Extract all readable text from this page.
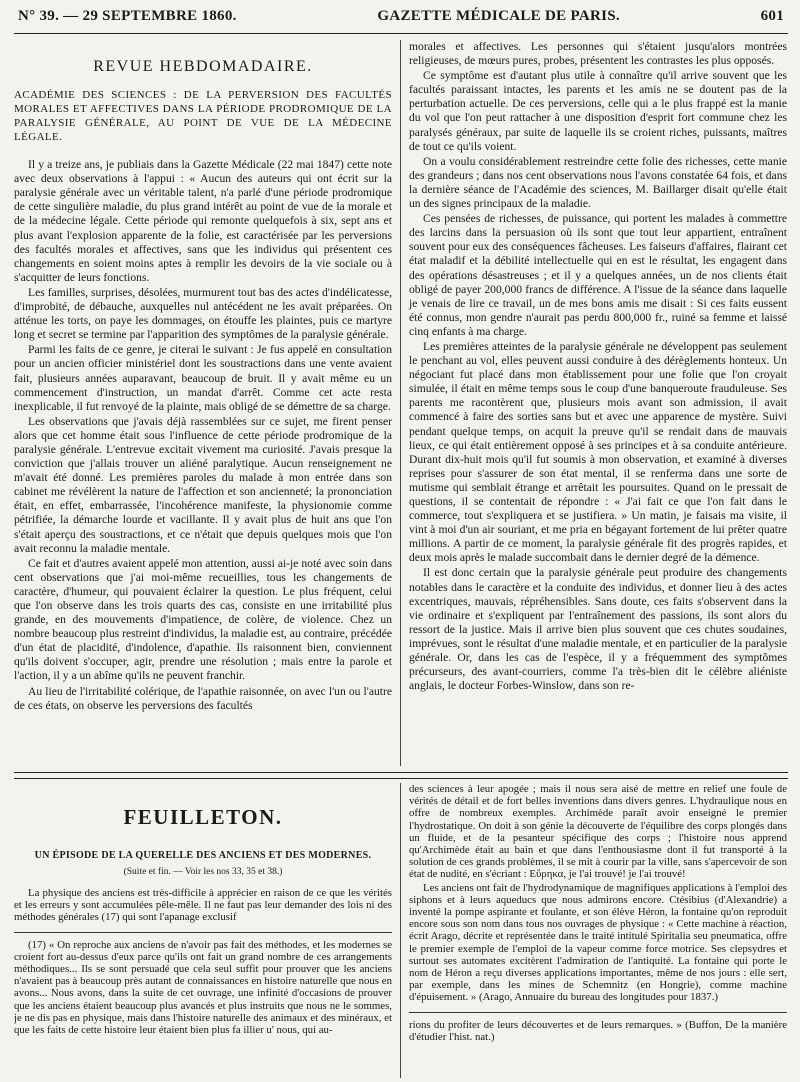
N° 39. — 29 SEPTEMBRE 1860.	GAZETTE MÉDICALE DE PARIS.	601
REVUE HEBDOMADAIRE.
ACADÉMIE DES SCIENCES : DE LA PERVERSION DES FACULTÉS MORALES ET AFFECTIVES DANS LA PÉRIODE PRODROMIQUE DE LA PARALYSIE GÉNÉRALE, AU POINT DE VUE DE LA MÉDECINE LÉGALE.

Il y a treize ans, je publiais dans la Gazette Médicale (22 mai 1847) cette note avec deux observations à l'appui : « Aucun des auteurs qui ont écrit sur la paralysie générale avec un véritable talent, n'a parlé d'une période prodromique de cette singulière maladie, du plus grand intérêt au point de vue de la morale et de la médecine légale. Cette période qui remonte quelquefois à six, sept ans et plus avant l'explosion apparente de la folie, est caractérisée par les perversions des facultés morales et affectives, sans que les individus qui présentent ces changements en soient moins aptes à remplir les devoirs de la vie sociale ou à s'acquitter de leurs fonctions.

Les familles, surprises, désolées, murmurent tout bas des actes d'indélicatesse, d'improbité, de débauche, auxquelles nul antécédent ne les avait préparées. On atténue les torts, on paye les dommages, on étouffe les plaintes, puis ce martyre long et secret se termine par l'apparition des symptômes de la paralysie générale.

Parmi les faits de ce genre, je citerai le suivant : Je fus appelé en consultation pour un ancien officier ministériel dont les soustractions dans une vente avaient fait, plusieurs années auparavant, beaucoup de bruit. Il y avait même eu un commencement d'instruction, un mandat d'arrêt. Comme cet acte resta inexplicable, il fut renvoyé de la plainte, mais obligé de se démettre de sa charge.

Les observations que j'avais déjà rassemblées sur ce sujet, me firent penser alors que cet homme était sous l'influence de cette période prodromique de la paralysie générale. L'entrevue excitait vivement ma curiosité. J'avais presque la conviction que j'allais trouver un aliéné paralytique. Aucun renseignement ne m'avait été donné. Les premières paroles du malade à mon entrée dans son cabinet me révélèrent la nature de l'affection et son ancienneté; la prononciation était, en effet, embarrassée, l'incohérence manifeste, la physionomie comme pétrifiée, la démarche lourde et vacillante. Il y avait plus de huit ans que l'on s'était aperçu des soustractions, et ce n'était que depuis quelques mois que l'on avait reconnu la maladie mentale.

Ce fait et d'autres avaient appelé mon attention, aussi ai-je noté avec soin dans cent observations que j'ai moi-même recueillies, tous les changements de caractère, d'humeur, qui pouvaient éclairer la question. Le plus fréquent, celui que l'on observe dans les trois quarts des cas, consiste en une irritabilité plus grande, en des mouvements d'impatience, de colère, de violence. Chez un nombre beaucoup plus restreint d'individus, la maladie est, au contraire, précédée d'un état de placidité, d'indolence, d'apathie. Ils raisonnent bien, conviennent qu'ils doivent s'occuper, agir, prendre une résolution ; mais entre la parole et l'action, il y a un abîme qu'ils ne peuvent franchir.

Au lieu de l'irritabilité colérique, de l'apathie raisonnée, on avec l'un ou l'autre de ces états, on observe les perversions des facultés

morales et affectives. Les personnes qui s'étaient jusqu'alors montrées religieuses, de mœurs pures, probes, présentent les contrastes les plus opposés.

Ce symptôme est d'autant plus utile à connaître qu'il arrive souvent que les facultés paraissant intactes, les parents et les amis ne se doutent pas de la perturbation actuelle. De ces perversions, celle qui a le plus frappé est la manie du vol que l'on peut rattacher à une disposition d'esprit fort commune chez les paralysés généraux, par suite de laquelle ils se croient riches, puissants, maîtres de tout ce qu'ils voient.

On a voulu considérablement restreindre cette folie des richesses, cette manie des grandeurs ; dans nos cent observations nous l'avons constatée 64 fois, et dans la dernière séance de l'Académie des sciences, M. Baillarger disait qu'elle était un des signes principaux de la maladie.

Ces pensées de richesses, de puissance, qui portent les malades à commettre des larcins dans la persuasion où ils sont que tout leur appartient, entraînent souvent pour eux des conséquences fâcheuses. Les faiseurs d'affaires, flairant cet état maladif et la débilité intellectuelle qui en est le résultat, les engagent dans des opérations désastreuses ; et il y a quelques années, un de nos clients était obligé de payer 200,000 francs de différence. A l'issue de la séance dans laquelle je venais de lire ce travail, un de mes bons amis me disait : Si ces faits eussent été connus, mon gendre n'aurait pas perdu 800,000 fr., ruiné sa femme et laissé cinq enfants à ma charge.

Les premières atteintes de la paralysie générale ne développent pas seulement le penchant au vol, elles peuvent aussi conduire à des dérèglements honteux. Un négociant fut placé dans mon établissement pour une folie que l'on croyait simulée, il était en même temps sous le coup d'une banqueroute frauduleuse. Ses parents me racontèrent que, plusieurs mois avant son admission, il avait commencé à faire des sorties sans but et avec une apparence de mystère. Suivi pendant quelque temps, on acquit la preuve qu'il se rendait dans de mauvais lieux, ce qui était entièrement opposé à ses principes et à sa conduite antérieure. Durant dix-huit mois qu'il fut soumis à mon observation, et examiné à diverses reprises pour s'assurer de son état mental, il se renferma dans une sorte de mutisme qui semblait étrange et arrêtait les poursuites. Quand on le pressait de questions, il se contentait de répondre : « J'ai fait ce que l'on fait dans le commerce, tout s'expliquera et se justifiera. » Un matin, je faisais ma visite, il vint à moi d'un air souriant, et me pria en bégayant fortement de lui prêter quatre millions. A partir de ce moment, la paralysie générale fit des progrès rapides, et deux mois après le malade succombait dans le dernier degré de la démence.

Il est donc certain que la paralysie générale peut produire des changements notables dans le caractère et la conduite des individus, et donner lieu à des actes excentriques, mauvais, répréhensibles. Sans doute, ces faits s'observent dans la vie ordinaire et s'expliquent par l'entraînement des passions, ils sont alors du ressort de la justice. Mais il arrive bien plus souvent que ces chutes soudaines, imprévues, sont le résultat d'une maladie mentale, et en particulier de la paralysie générale. Or, dans les cas de l'espèce, il y a fréquemment des symptômes précurseurs, des avant-courriers, comme l'a très-bien dit le célèbre aliéniste anglais, le docteur Forbes-Winslow, dans son re-

FEUILLETON.
UN ÉPISODE DE LA QUERELLE DES ANCIENS ET DES MODERNES.
(Suite et fin. — Voir les nos 33, 35 et 38.)

La physique des anciens est très-difficile à apprécier en raison de ce que les vérités et les erreurs y sont accumulées pêle-mêle. Il ne faut pas leur demander des lois ni des méthodes générales (17) qui sont l'apanage exclusif

(17) « On reproche aux anciens de n'avoir pas fait des méthodes, et les modernes se croient fort au-dessus d'eux parce qu'ils ont fait un grand nombre de ces arrangements méthodiques... Ils se sont persuadé que cela seul suffit pour prouver que les anciens n'avaient pas à beaucoup près autant de connaissances en histoire naturelle que nous en avons... Nous avons, dans la suite de cet ouvrage, une infinité d'occasions de prouver que les anciens étaient beaucoup plus avancés et plus instruits que nous ne le sommes, je ne dis pas en physique, mais dans l'histoire naturelle des animaux et des minéraux, et que les faits de cette histoire leur étaient bien plus fa illier u' nous, qui au-

des sciences à leur apogée ; mais il nous sera aisé de mettre en relief une foule de vérités de détail et de fort belles inventions dans divers genres. L'hydraulique nous en offre de nombreux exemples. Archimède paraît avoir enseigné le premier l'hydrostatique. On doit à son génie la découverte de l'équilibre des corps plongés dans un fluide, et de la pesanteur spécifique des corps ; l'histoire nous apprend qu'Archimède était au bain et que dans l'enthousiasme dont il fut transporté à la solution de ces grands problèmes, il se mit à courir par la ville, sans s'apercevoir de son état de nudité, en s'écriant : Εὕρηκα, je l'ai trouvé! je l'ai trouvé!

Les anciens ont fait de l'hydrodynamique de magnifiques applications à l'emploi des siphons et à leurs aqueducs que nous admirons encore. Ctésibius (d'Alexandrie) a inventé la pompe aspirante et foulante, et son élève Héron, la fontaine qu'on reproduit encore sous son nom dans tous nos ouvrages de physique : « Cette machine à réaction, écrit Arago, décrite et représentée dans le traité intitulé Spiritalia seu pneumatica, offre le premier exemple de l'emploi de la vapeur comme force motrice. Ses clepsydres et surtout ses automates excitèrent l'admiration de l'antiquité. La fontaine qui porte le nom de Héron a reçu diverses applications importantes, même de nos jours : elle sert, par exemple, dans les mines de Schemnitz (en Hongrie), comme machine d'épuisement. » (Arago, Annuaire du bureau des longitudes pour 1837.)

rions du profiter de leurs découvertes et de leurs remarques. » (Buffon, De la manière d'étudier l'hist. nat.)
